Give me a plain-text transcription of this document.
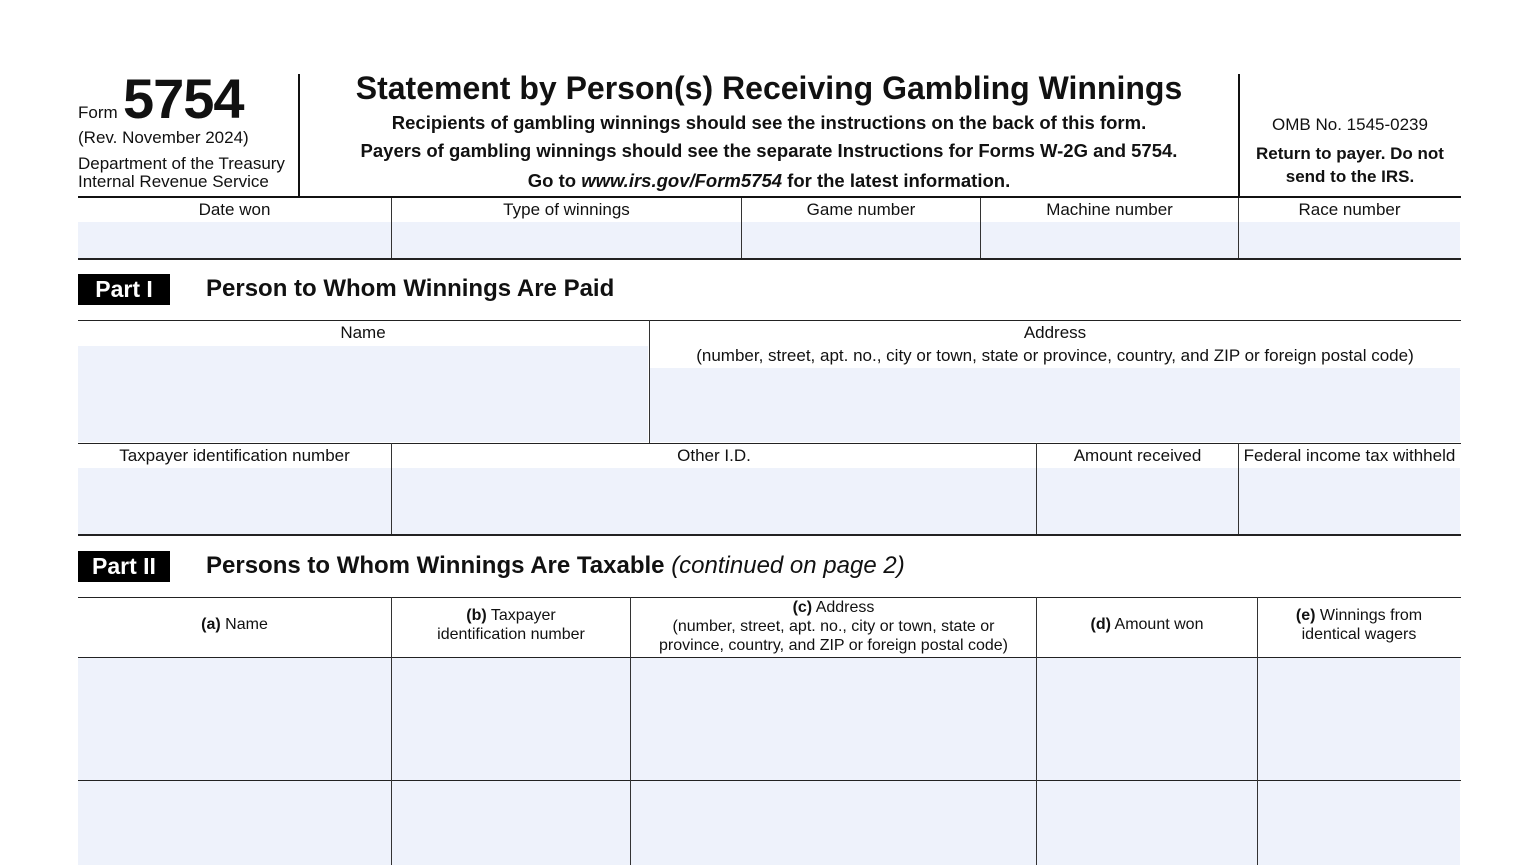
Form 5754
(Rev. November 2024)
Department of the Treasury
Internal Revenue Service
Statement by Person(s) Receiving Gambling Winnings
Recipients of gambling winnings should see the instructions on the back of this form.
Payers of gambling winnings should see the separate Instructions for Forms W-2G and 5754.
Go to www.irs.gov/Form5754 for the latest information.
OMB No. 1545-0239
Return to payer. Do not
send to the IRS.
Date won	Type of winnings	Game number	Machine number	Race number
Part I	Person to Whom Winnings Are Paid
Name	Address
(number, street, apt. no., city or town, state or province, country, and ZIP or foreign postal code)
Taxpayer identification number	Other I.D.	Amount received	Federal income tax withheld
Part II	Persons to Whom Winnings Are Taxable (continued on page 2)
(a) Name
(b) Taxpayer
identification number
(c) Address
(number, street, apt. no., city or town, state or
province, country, and ZIP or foreign postal code)
(d) Amount won
(e) Winnings from
identical wagers
